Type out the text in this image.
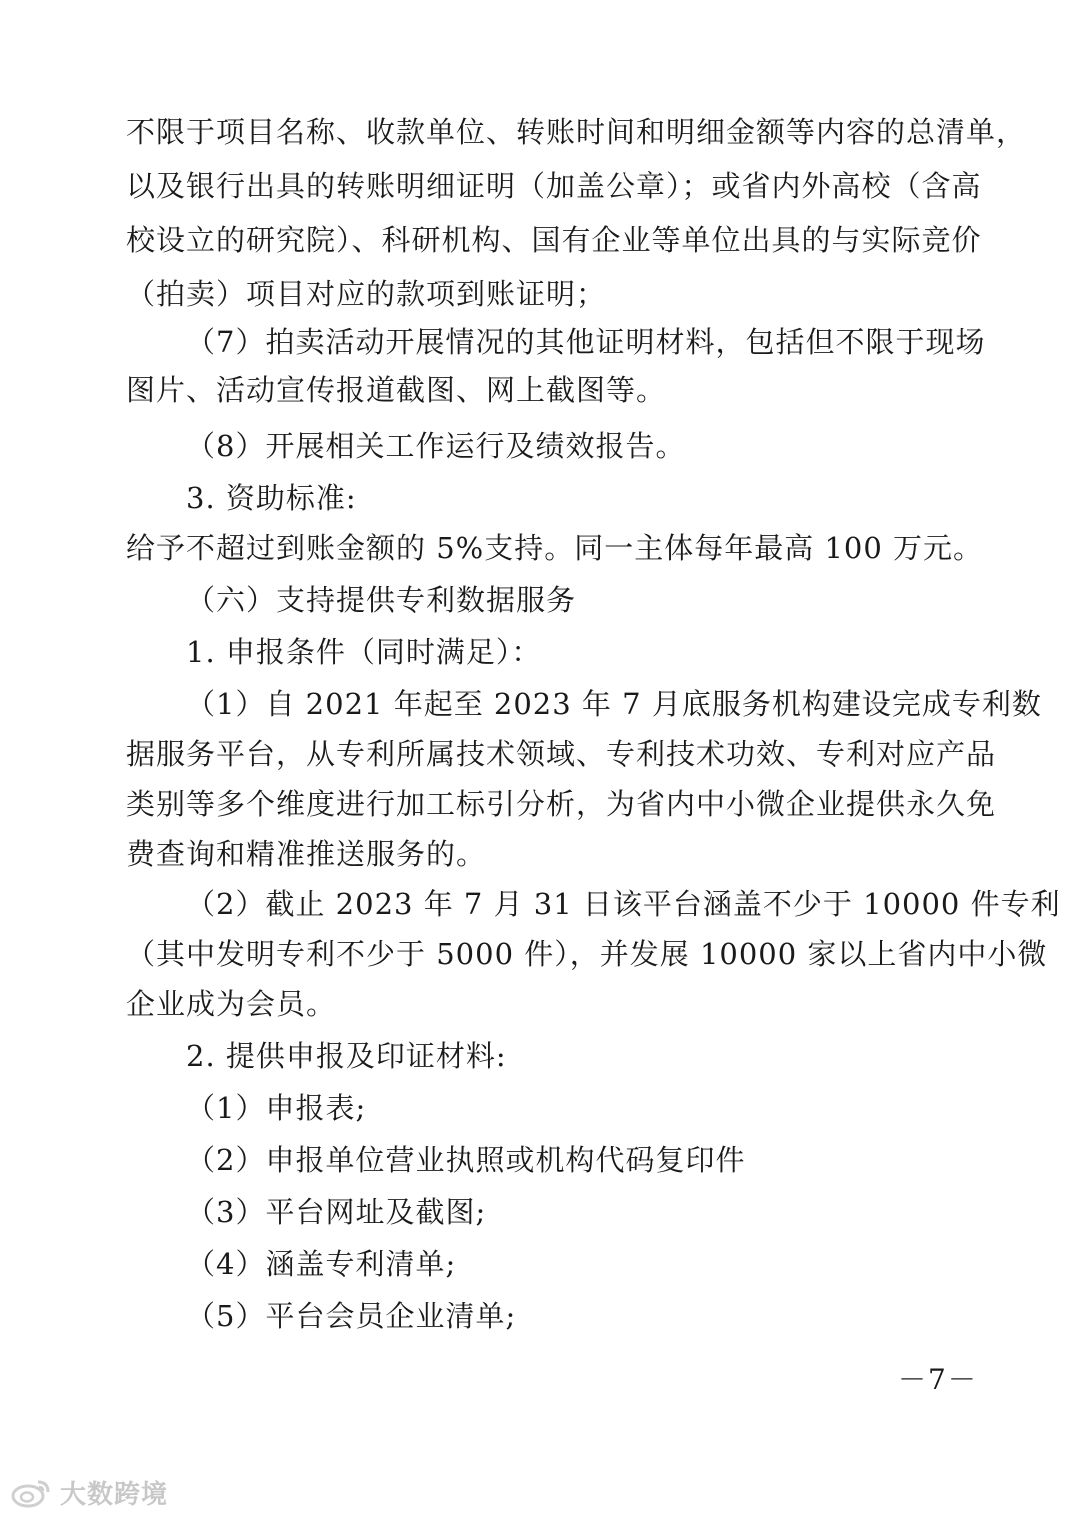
不限于项目名称、收款单位、转账时间和明细金额等内容的总清单，
以及银行出具的转账明细证明（加盖公章）；或省内外高校（含高
校设立的研究院）、科研机构、国有企业等单位出具的与实际竞价
（拍卖）项目对应的款项到账证明；
（7）拍卖活动开展情况的其他证明材料，包括但不限于现场
图片、活动宣传报道截图、网上截图等。
（8）开展相关工作运行及绩效报告。
3. 资助标准:
给予不超过到账金额的 5%支持。同一主体每年最高 100 万元。
（六）支持提供专利数据服务
1. 申报条件（同时满足）：
（1）自 2021 年起至 2023 年 7 月底服务机构建设完成专利数
据服务平台，从专利所属技术领域、专利技术功效、专利对应产品
类别等多个维度进行加工标引分析，为省内中小微企业提供永久免
费查询和精准推送服务的。
（2）截止 2023 年 7 月 31 日该平台涵盖不少于 10000 件专利
（其中发明专利不少于 5000 件），并发展 10000 家以上省内中小微
企业成为会员。
2. 提供申报及印证材料:
（1）申报表;
（2）申报单位营业执照或机构代码复印件
（3）平台网址及截图;
（4）涵盖专利清单;
（5）平台会员企业清单;
－7－
大数跨境
